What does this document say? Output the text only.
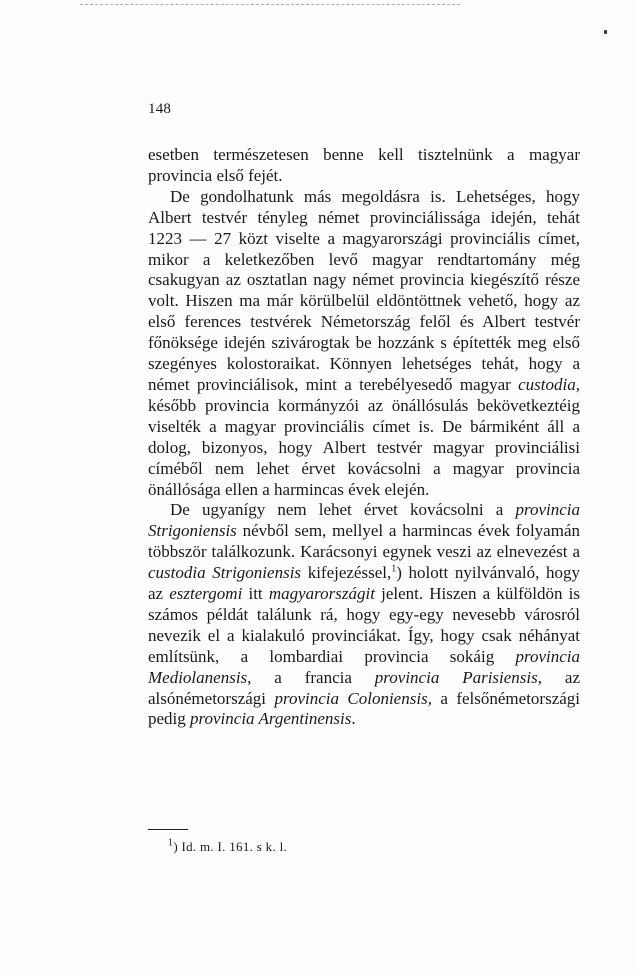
148

esetben természetesen benne kell tisztelnünk a magyar provincia első fejét.

De gondolhatunk más megoldásra is. Lehetséges, hogy Albert testvér tényleg német provinciálissága idején, tehát 1223 — 27 közt viselte a magyarországi provinciális címet, mikor a keletkezőben levő magyar rendtartomány még csakugyan az osztatlan nagy német provincia kiegészítő része volt. Hiszen ma már körülbelül eldöntöttnek vehető, hogy az első ferences testvérek Németország felől és Albert testvér főnöksége idején szivárogtak be hozzánk s építették meg első szegényes kolostoraikat. Könnyen lehetséges tehát, hogy a német provinciálisok, mint a terebélyesedő magyar custodia, később provincia kormányzói az önállósulás bekövetkeztéig viselték a magyar provinciális címet is. De bármiként áll a dolog, bizonyos, hogy Albert testvér magyar provinciálisi címéből nem lehet érvet kovácsolni a magyar provincia önállósága ellen a harmincas évek elején.

De ugyanígy nem lehet érvet kovácsolni a provincia Strigoniensis névből sem, mellyel a harmincas évek folyamán többször találkozunk. Karácsonyi egynek veszi az elnevezést a custodia Strigoniensis kifejezéssel,$^1$) holott nyilvánvaló, hogy az esztergomi itt magyarországit jelent. Hiszen a külföldön is számos példát találunk rá, hogy egy-egy nevesebb városról nevezik el a kialakuló provinciákat. Így, hogy csak néhányat említsünk, a lombardiai provincia sokáig provincia Mediolanensis, a francia provincia Parisiensis, az alsónémetországi provincia Coloniensis, a felsőnémetországi pedig provincia Argentinensis.

$^1$) Id. m. I. 161. s k. l.
